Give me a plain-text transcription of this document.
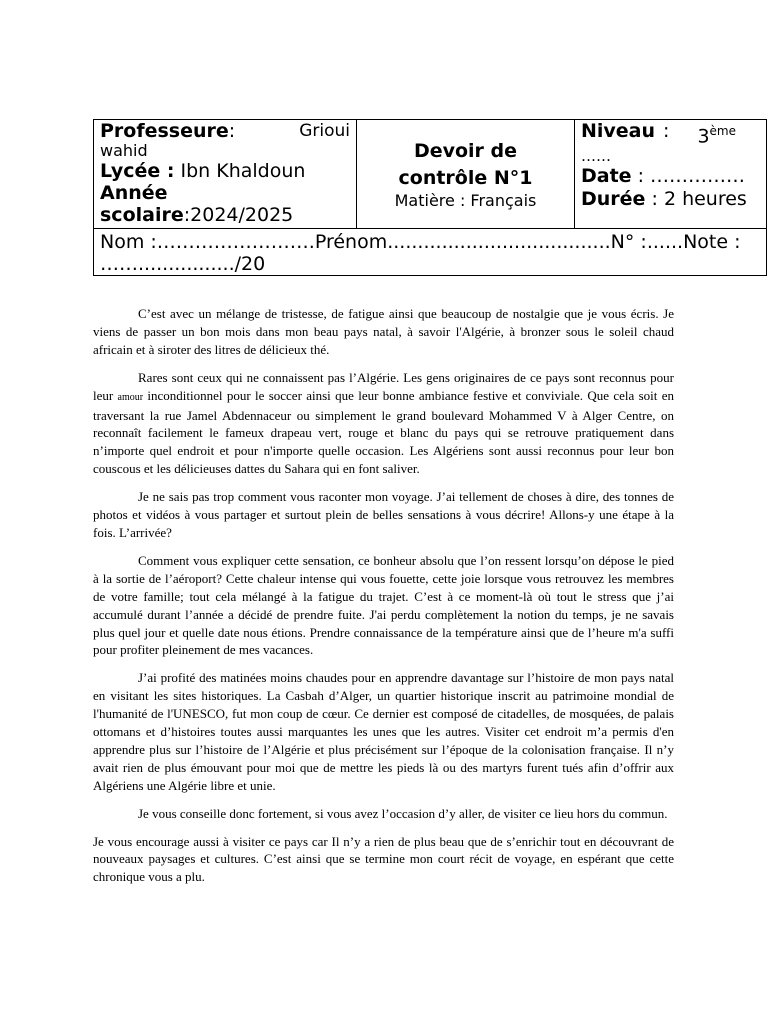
Professeure:	Grioui
wahid
Lycée : Ibn Khaldoun
Année
scolaire:2024/2025

Devoir de
contrôle N°1
Matière : Français

Niveau : 3ème
……
Date : ……………
Durée : 2 heures

Nom :…………………….Prénom.....................................N° :......Note :
……................/20

C’est avec un mélange de tristesse, de fatigue ainsi que beaucoup de nostalgie que je vous écris. Je viens de passer un bon mois dans mon beau pays natal, à savoir l'Algérie, à bronzer sous le soleil chaud africain et à siroter des litres de délicieux thé.

Rares sont ceux qui ne connaissent pas l’Algérie. Les gens originaires de ce pays sont reconnus pour leur amour inconditionnel pour le soccer ainsi que leur bonne ambiance festive et conviviale. Que cela soit en traversant la rue Jamel Abdennaceur ou simplement le grand boulevard Mohammed V à Alger Centre, on reconnaît facilement le fameux drapeau vert, rouge et blanc du pays qui se retrouve pratiquement dans n’importe quel endroit et pour n'importe quelle occasion. Les Algériens sont aussi reconnus pour leur bon couscous et les délicieuses dattes du Sahara qui en font saliver.

Je ne sais pas trop comment vous raconter mon voyage. J’ai tellement de choses à dire, des tonnes de photos et vidéos à vous partager et surtout plein de belles sensations à vous décrire! Allons-y une étape à la fois. L’arrivée?

Comment vous expliquer cette sensation, ce bonheur absolu que l’on ressent lorsqu’on dépose le pied à la sortie de l’aéroport? Cette chaleur intense qui vous fouette, cette joie lorsque vous retrouvez les membres de votre famille; tout cela mélangé à la fatigue du trajet. C’est à ce moment-là où tout le stress que j’ai accumulé durant l’année a décidé de prendre fuite. J'ai perdu complètement la notion du temps, je ne savais plus quel jour et quelle date nous étions. Prendre connaissance de la température ainsi que de l’heure m'a suffi pour profiter pleinement de mes vacances.

J’ai profité des matinées moins chaudes pour en apprendre davantage sur l’histoire de mon pays natal en visitant les sites historiques. La Casbah d’Alger, un quartier historique inscrit au patrimoine mondial de l'humanité de l'UNESCO, fut mon coup de cœur. Ce dernier est composé de citadelles, de mosquées, de palais ottomans et d’histoires toutes aussi marquantes les unes que les autres. Visiter cet endroit m’a permis d'en apprendre plus sur l’histoire de l’Algérie et plus précisément sur l’époque de la colonisation française. Il n’y avait rien de plus émouvant pour moi que de mettre les pieds là ou des martyrs furent tués afin d’offrir aux Algériens une Algérie libre et unie.

Je vous conseille donc fortement, si vous avez l’occasion d’y aller, de visiter ce lieu hors du commun.

Je vous encourage aussi à visiter ce pays car Il n’y a rien de plus beau que de s’enrichir tout en découvrant de nouveaux paysages et cultures. C’est ainsi que se termine mon court récit de voyage, en espérant que cette chronique vous a plu.
